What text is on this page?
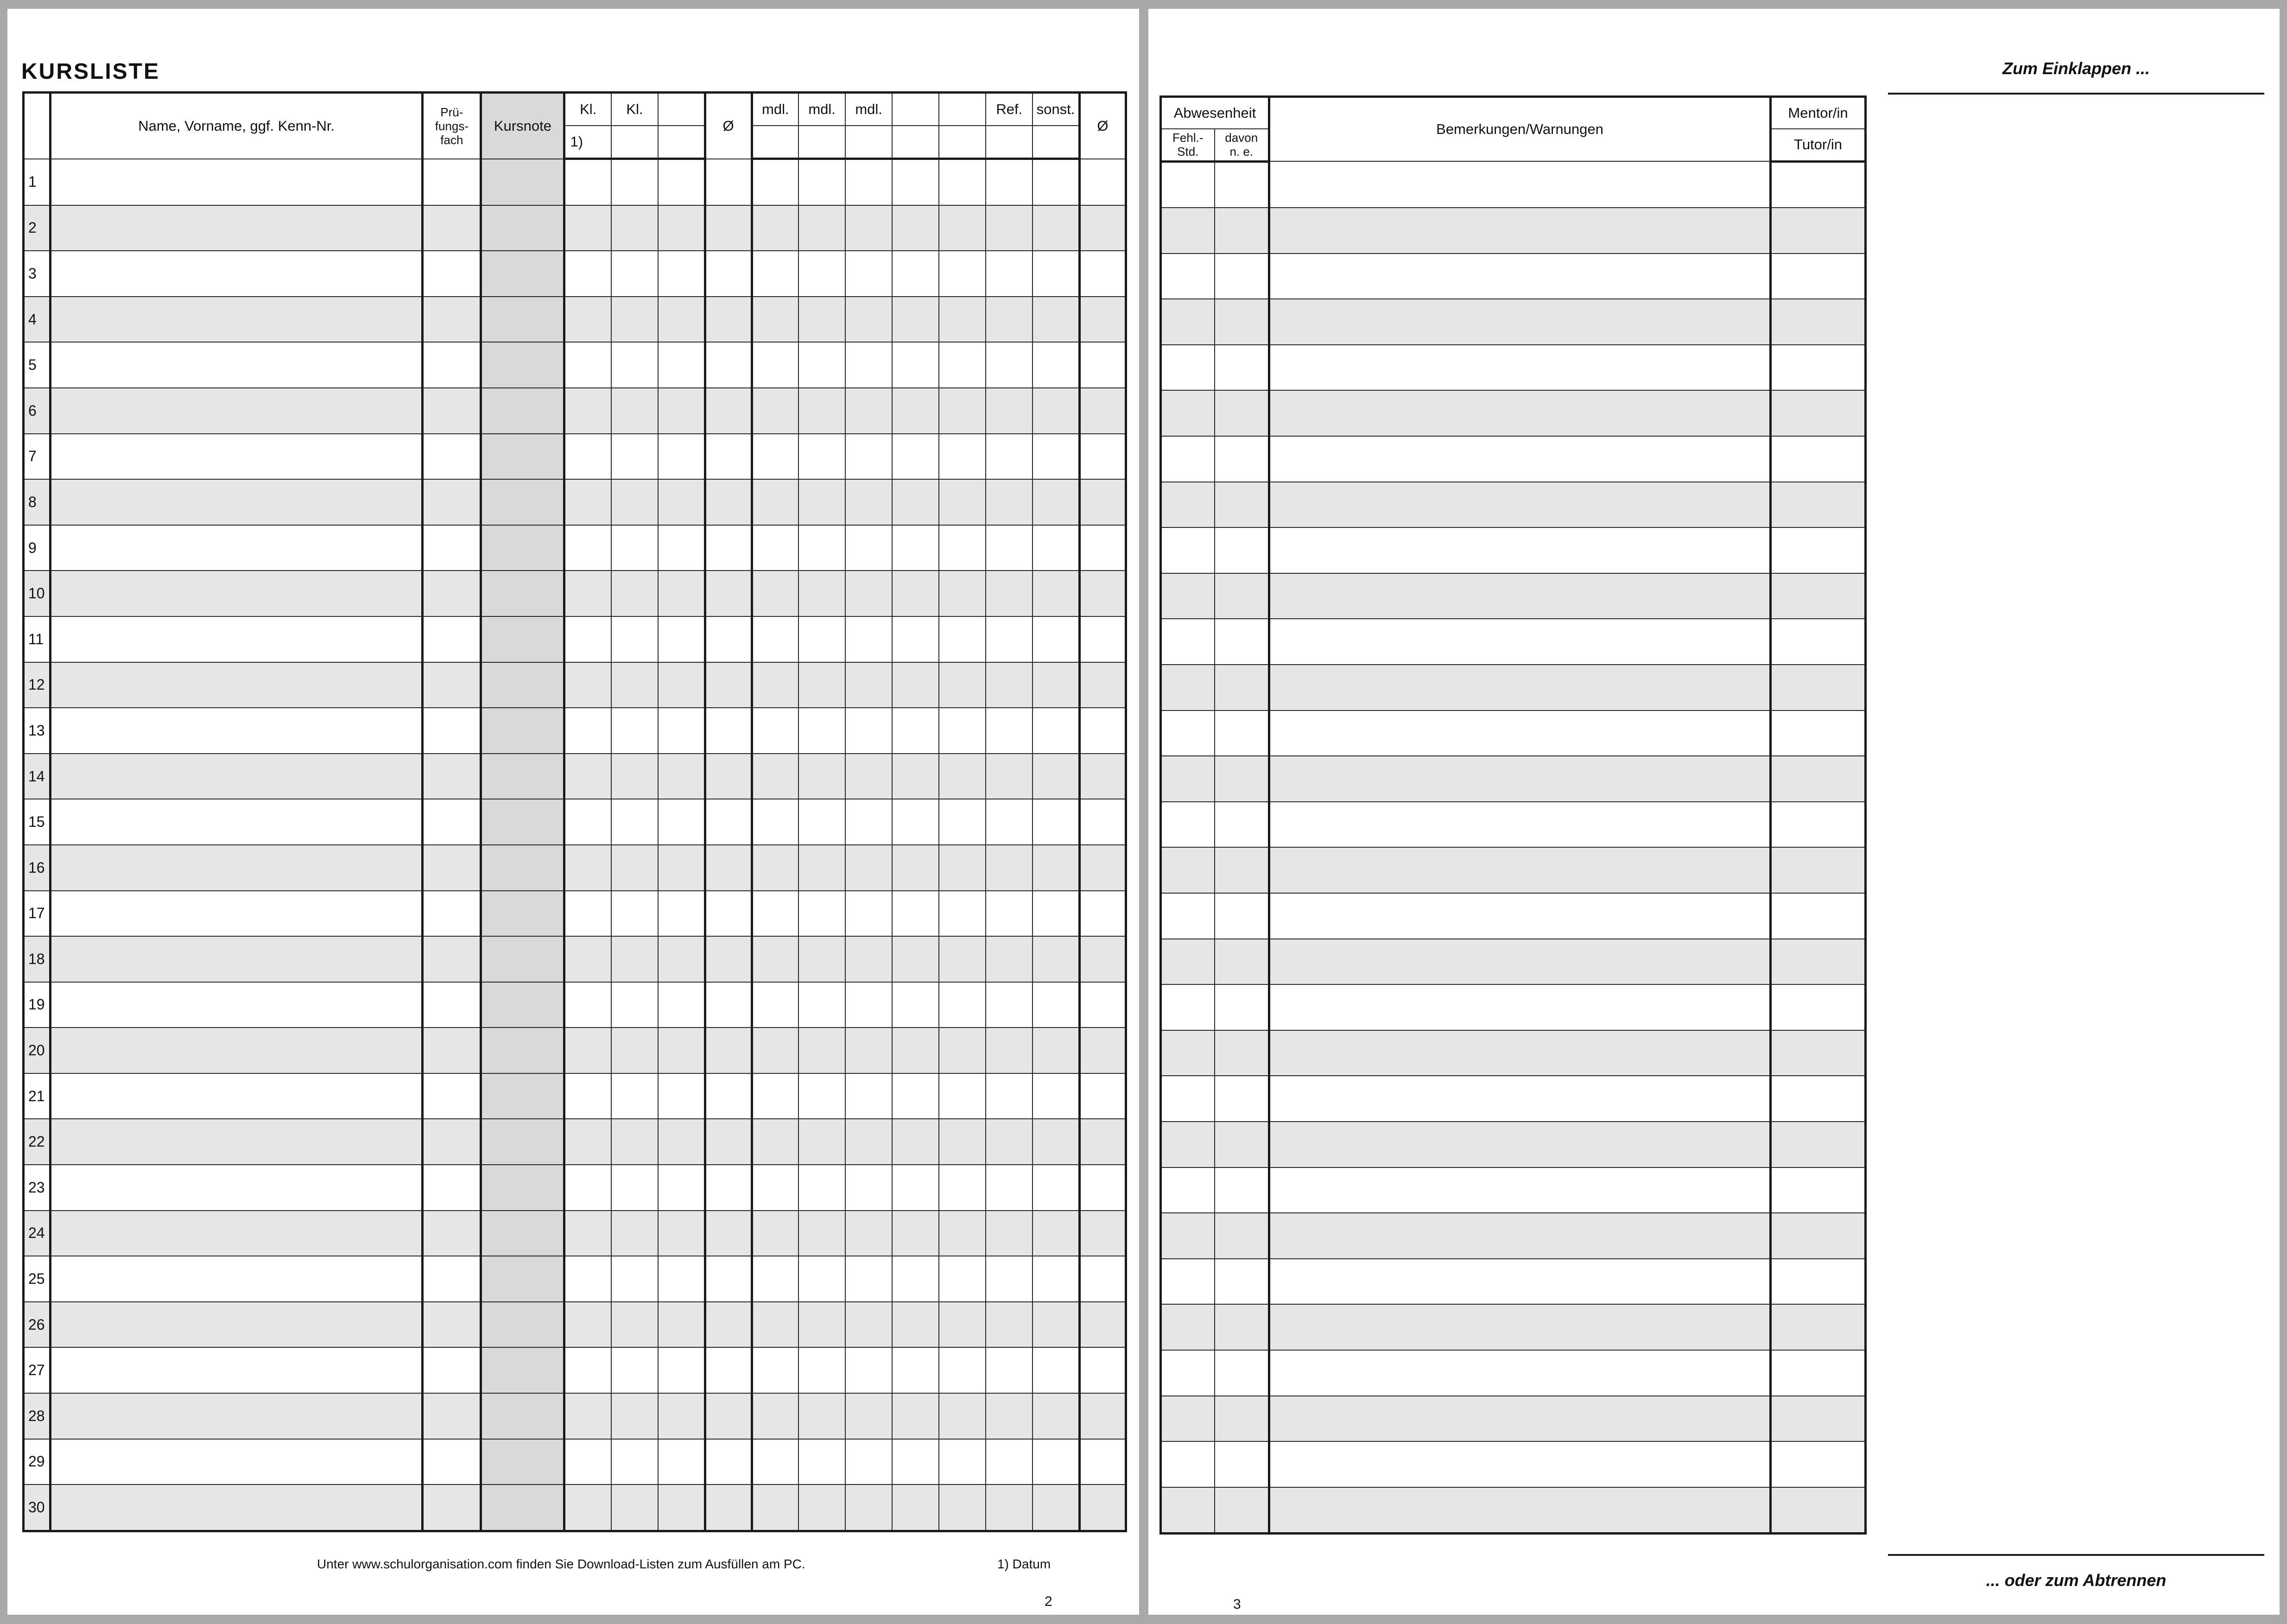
KURSLISTE
	Name, Vorname, ggf. Kenn-Nr.	Prü-fungs-fach	Kursnote	Kl.	Kl.		Ø	mdl.	mdl.	mdl.			Ref.	sonst.	Ø
				1)											
1															
2															
3															
4															
5															
6															
7															
8															
9															
10															
11															
12															
13															
14															
15															
16															
17															
18															
19															
20															
21															
22															
23															
24															
25															
26															
27															
28															
29															
30															
Unter www.schulorganisation.com finden Sie Download-Listen zum Ausfüllen am PC.	1) Datum
2
Abwesenheit		Bemerkungen/Warnungen	Mentor/in
Fehl.- Std.	davon n. e.		Tutor/in

Zum Einklappen ...
... oder zum Abtrennen
3
